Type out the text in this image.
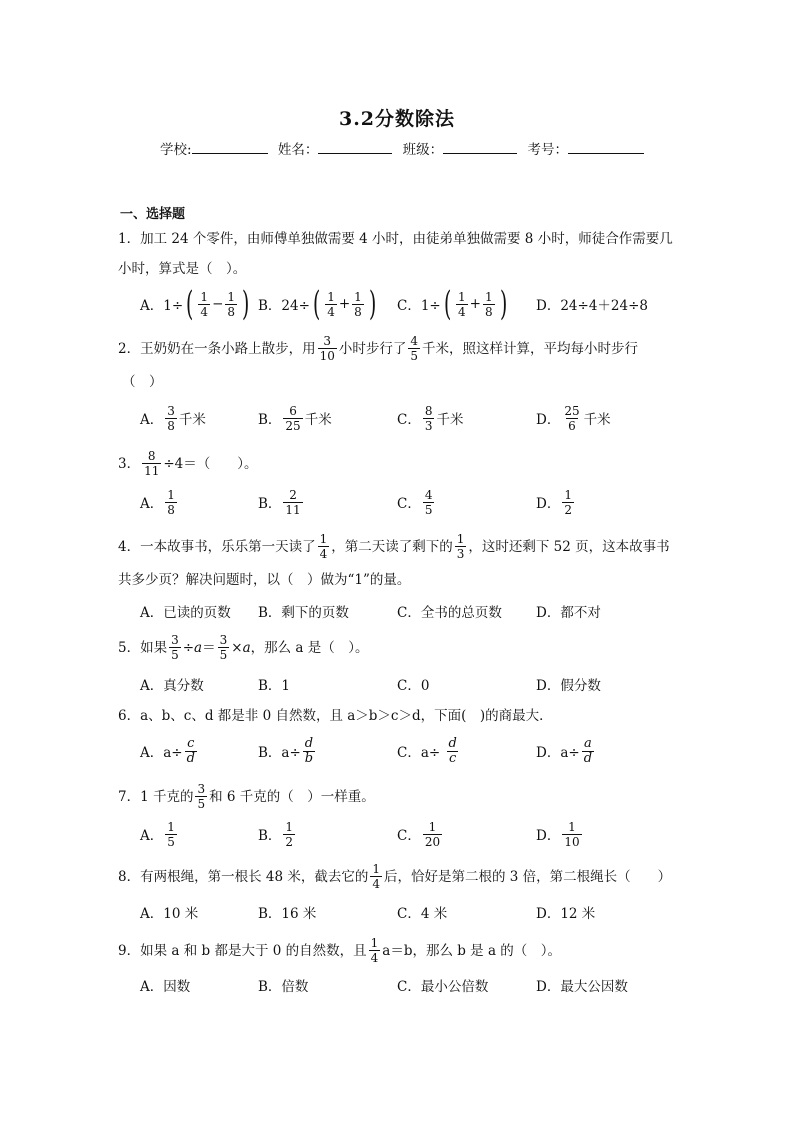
3.2分数除法
学校:	姓名：	班级：	考号：
一、选择题
1．加工 24 个零件，由师傅单独做需要 4 小时，由徒弟单独做需要 8 小时，师徒合作需要几
小时，算式是（　）。
A．1÷ ( $\frac{1}{4} - \frac{1}{8}$ ) B．24÷ ( $\frac{1}{4} + \frac{1}{8}$ ) C．1÷ ( $\frac{1}{4} + \frac{1}{8}$ ) D．24÷4＋24÷8
2．王奶奶在一条小路上散步，用 $\frac{3}{10}$ 小时步行了 $\frac{4}{5}$ 千米，照这样计算，平均每小时步行
（　）
A． $\frac{3}{8}$ 千米	B． $\frac{6}{25}$ 千米	C． $\frac{8}{3}$ 千米	D． $\frac{25}{6}$ 千米
3． $\frac{8}{11} \div 4=$（　　）。
A． $\frac{1}{8}$	B． $\frac{2}{11}$	C． $\frac{4}{5}$	D． $\frac{1}{2}$
4．一本故事书，乐乐第一天读了 $\frac{1}{4}$ ，第二天读了剩下的 $\frac{1}{3}$ ，这时还剩下 52 页，这本故事书
共多少页？解决问题时，以（　）做为“1”的量。
A．已读的页数 B．剩下的页数	C．全书的总页数	D．都不对
5．如果 $\frac{3}{5} \div a = \frac{3}{5} \times a$ ，那么 a 是（　）。
A．真分数	B．1	C．0	D．假分数
6．a、b、c、d 都是非 0 自然数，且 a＞b＞c＞d，下面(　)的商最大．
A．$a\div \frac{c}{d}$	B．$a\div \frac{d}{b}$	C．a÷
$\frac{d}{c}$	D．$a\div \frac{a}{d}$
7．1 千克的 $\frac{3}{5}$ 和 6 千克的（　）一样重。
A． $\frac{1}{5}$	B． $\frac{1}{2}$	C． $\frac{1}{20}$	D． $\frac{1}{10}$
8．有两根绳，第一根长 48 米，截去它的 $\frac{1}{4}$ 后，恰好是第二根的 3 倍，第二根绳长（　　）
A．10 米	B．16 米	C．4 米	D．12 米
9．如果 a 和 b 都是大于 0 的自然数，且 $\frac{1}{4} a=b$，那么 b 是 a 的（　）。
A．因数	B．倍数	C．最小公倍数	D．最大公因数
